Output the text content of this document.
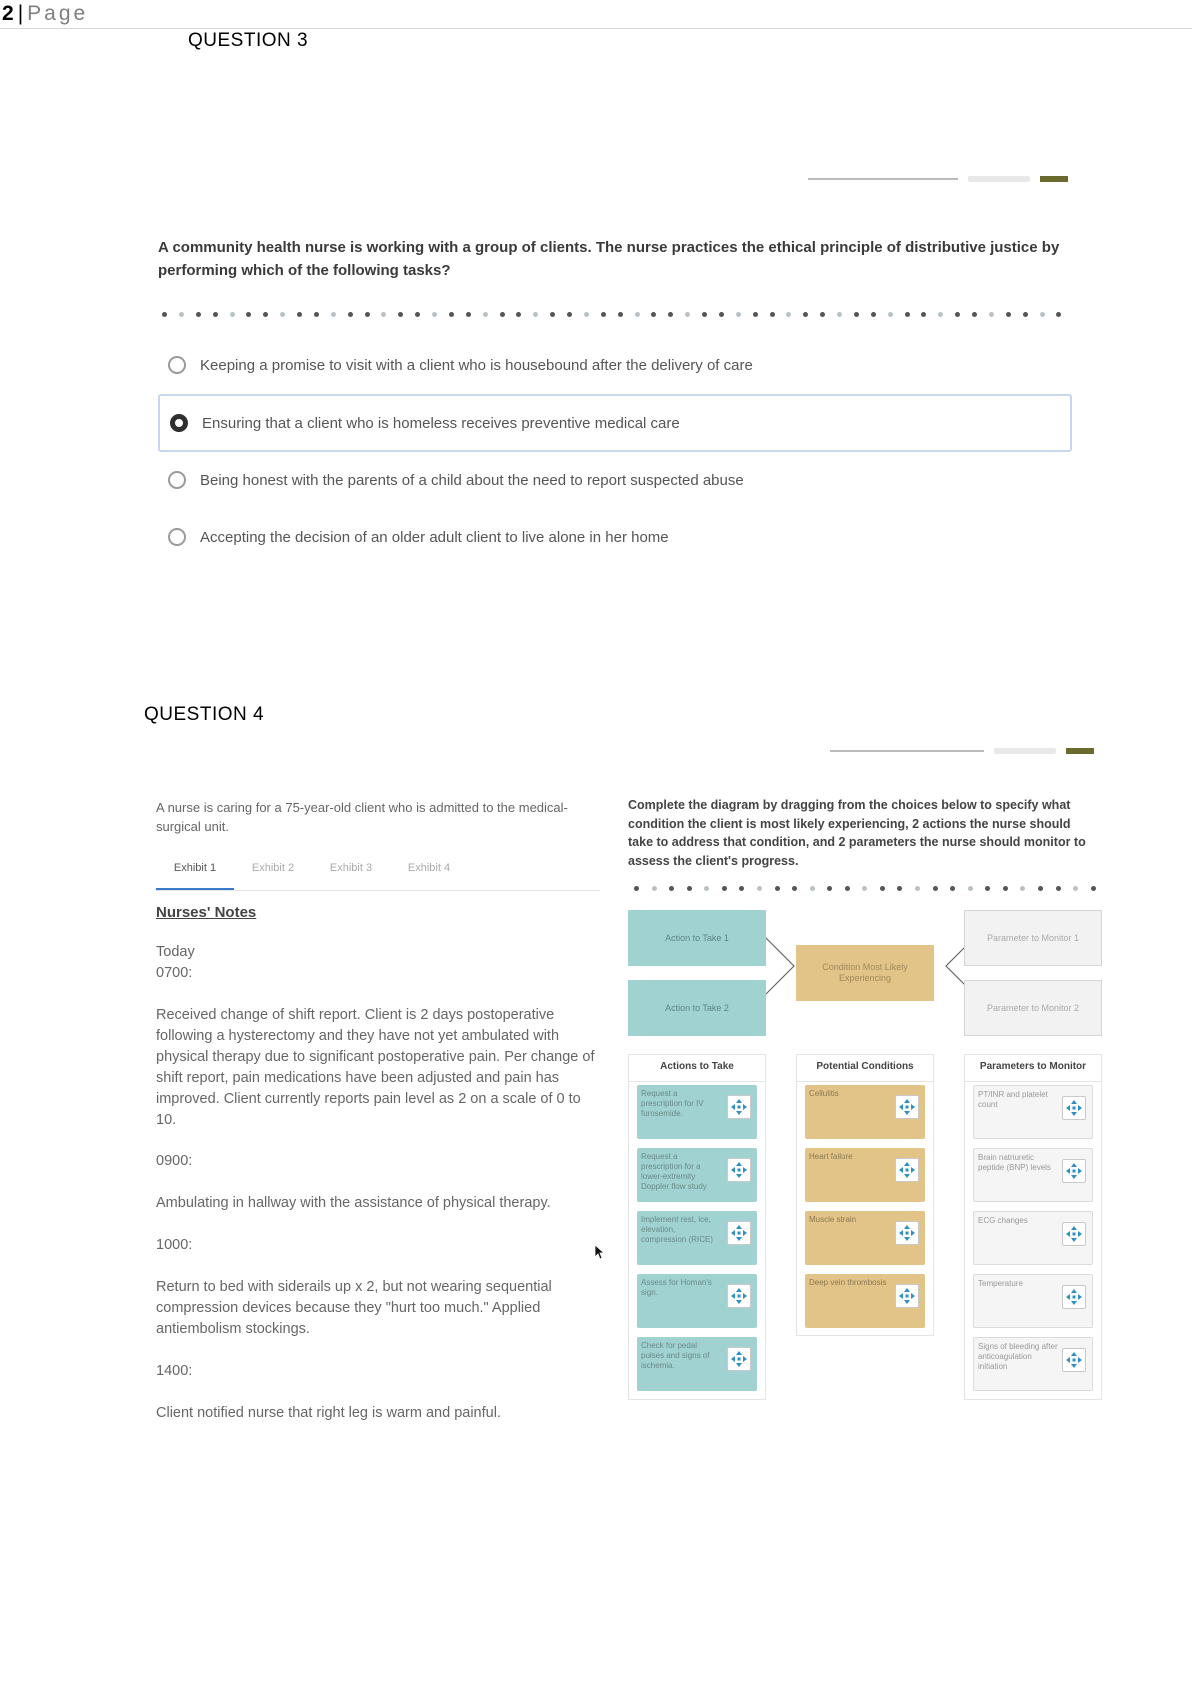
2 | Page
QUESTION 3
A community health nurse is working with a group of clients. The nurse practices the ethical principle of distributive justice by performing which of the following tasks?
Keeping a promise to visit with a client who is housebound after the delivery of care
Ensuring that a client who is homeless receives preventive medical care
Being honest with the parents of a child about the need to report suspected abuse
Accepting the decision of an older adult client to live alone in her home
QUESTION 4
A nurse is caring for a 75-year-old client who is admitted to the medical-surgical unit.
Exhibit 1	Exhibit 2	Exhibit 3	Exhibit 4
Nurses' Notes
Today
0700:
Received change of shift report. Client is 2 days postoperative following a hysterectomy and they have not yet ambulated with physical therapy due to significant postoperative pain. Per change of shift report, pain medications have been adjusted and pain has improved. Client currently reports pain level as 2 on a scale of 0 to 10.
0900:
Ambulating in hallway with the assistance of physical therapy.
1000:
Return to bed with siderails up x 2, but not wearing sequential compression devices because they "hurt too much." Applied antiembolism stockings.
1400:
Client notified nurse that right leg is warm and painful.
Complete the diagram by dragging from the choices below to specify what condition the client is most likely experiencing, 2 actions the nurse should take to address that condition, and 2 parameters the nurse should monitor to assess the client's progress.
Action to Take 1
Action to Take 2
Condition Most Likely Experiencing
Parameter to Monitor 1
Parameter to Monitor 2
Actions to Take
Request a prescription for IV furosemide.
Request a prescription for a lower-extremity Doppler flow study
Implement rest, ice, elevation, compression (RICE)
Assess for Homan's sign.
Check for pedal pulses and signs of ischemia.
Potential Conditions
Cellulitis
Heart failure
Muscle strain
Deep vein thrombosis
Parameters to Monitor
PT/INR and platelet count
Brain natriuretic peptide (BNP) levels
ECG changes
Temperature
Signs of bleeding after anticoagulation initiation
